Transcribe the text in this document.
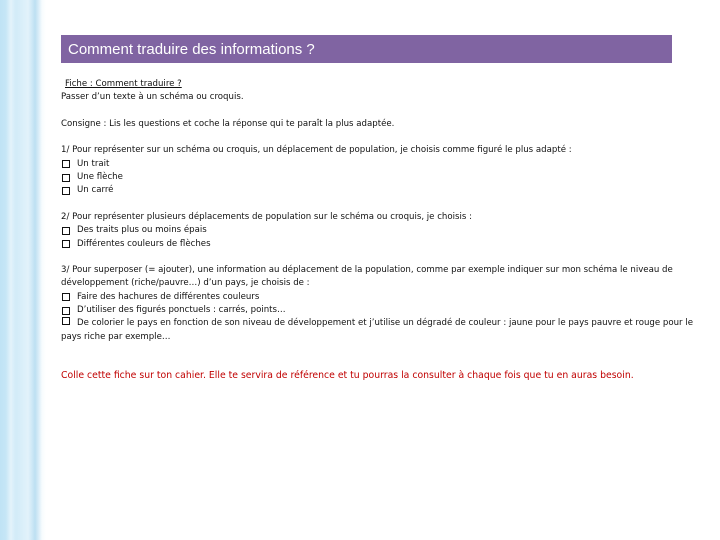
Comment traduire des informations ?
Fiche : Comment traduire ?
Passer d’un texte à un schéma ou croquis.
Consigne : Lis les questions et coche la réponse qui te paraît la plus adaptée.
1/ Pour représenter sur un schéma ou croquis, un déplacement de population, je choisis comme figuré le plus adapté :
Un trait
Une flèche
Un carré
2/ Pour représenter plusieurs déplacements de population sur le schéma ou croquis, je choisis :
Des traits plus ou moins épais
Différentes couleurs de flèches
3/ Pour superposer (= ajouter), une information au déplacement de la population, comme par exemple indiquer sur mon schéma le niveau de développement (riche/pauvre…) d’un pays, je choisis de :
Faire des hachures de différentes couleurs
D’utiliser des figurés ponctuels : carrés, points…
De colorier le pays en fonction de son niveau de développement et j’utilise un dégradé de couleur : jaune pour le pays pauvre et rouge pour le pays riche par exemple…
Colle cette fiche sur ton cahier. Elle te servira de référence et tu pourras la consulter à chaque fois que tu en auras besoin.
